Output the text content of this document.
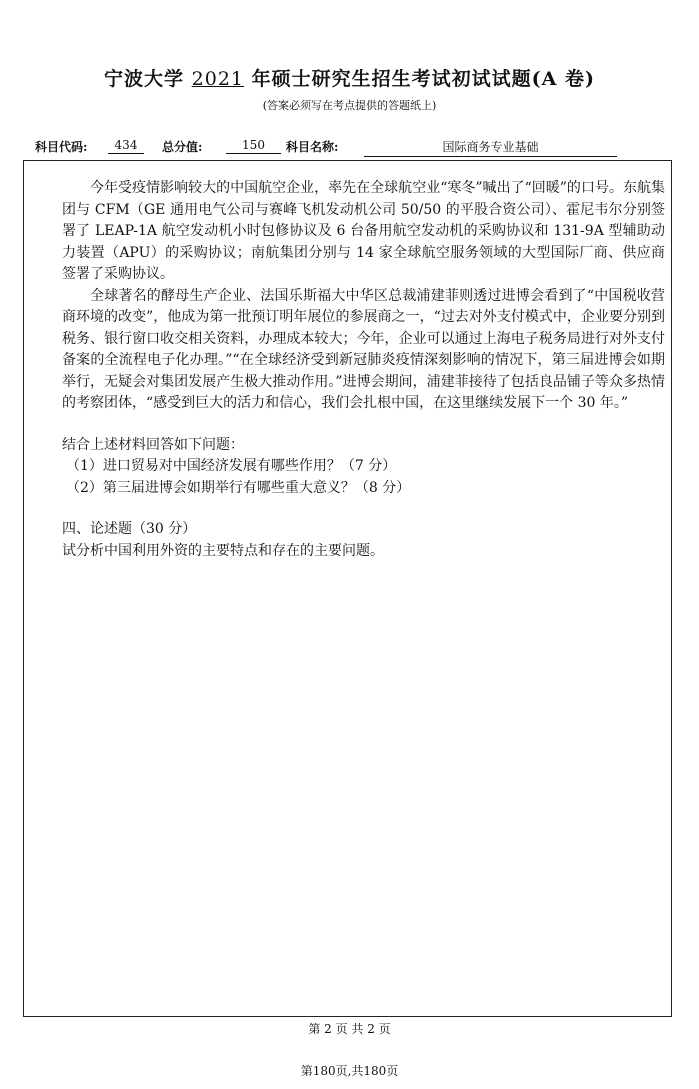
宁波大学 2021 年硕士研究生招生考试初试试题(A 卷)
(答案必须写在考点提供的答题纸上)
科目代码:	434	总分值:	150	科目名称:	国际商务专业基础

今年受疫情影响较大的中国航空企业，率先在全球航空业“寒冬”喊出了“回暖”的口号。东航集团与 CFM（GE 通用电气公司与赛峰飞机发动机公司 50/50 的平股合资公司）、霍尼韦尔分别签署了 LEAP-1A 航空发动机小时包修协议及 6 台备用航空发动机的采购协议和 131-9A 型辅助动力装置（APU）的采购协议；南航集团分别与 14 家全球航空服务领域的大型国际厂商、供应商签署了采购协议。

全球著名的酵母生产企业、法国乐斯福大中华区总裁浦建菲则透过进博会看到了“中国税收营商环境的改变”，他成为第一批预订明年展位的参展商之一，“过去对外支付模式中，企业要分别到税务、银行窗口收交相关资料，办理成本较大；今年，企业可以通过上海电子税务局进行对外支付备案的全流程电子化办理。”“在全球经济受到新冠肺炎疫情深刻影响的情况下，第三届进博会如期举行，无疑会对集团发展产生极大推动作用。”进博会期间，浦建菲接待了包括良品铺子等众多热情的考察团体，“感受到巨大的活力和信心，我们会扎根中国，在这里继续发展下一个 30 年。”

结合上述材料回答如下问题：

（1）进口贸易对中国经济发展有哪些作用？（7 分）

（2）第三届进博会如期举行有哪些重大意义？（8 分）

四、论述题（30 分）

试分析中国利用外资的主要特点和存在的主要问题。

第 2 页 共 2 页
第180页,共180页
